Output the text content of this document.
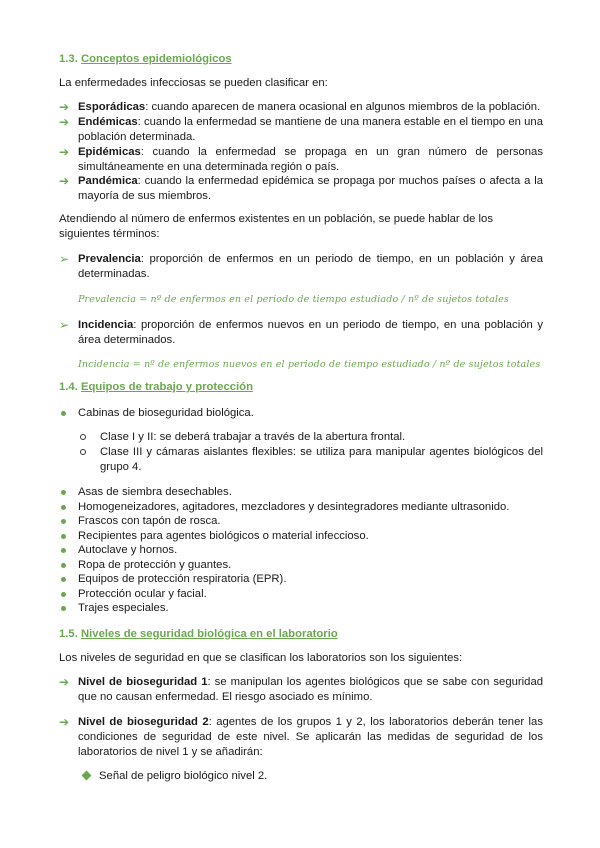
1.3. Conceptos epidemiológicos
La enfermedades infecciosas se pueden clasificar en:
➔ Esporádicas: cuando aparecen de manera ocasional en algunos miembros de la población.
➔ Endémicas: cuando la enfermedad se mantiene de una manera estable en el tiempo en una población determinada.
➔ Epidémicas: cuando la enfermedad se propaga en un gran número de personas simultáneamente en una determinada región o país.
➔ Pandémica: cuando la enfermedad epidémica se propaga por muchos países o afecta a la mayoría de sus miembros.
Atendiendo al número de enfermos existentes en un población, se puede hablar de los siguientes términos:
➢ Prevalencia: proporción de enfermos en un periodo de tiempo, en un población y área determinadas.
Prevalencia = nº de enfermos en el periodo de tiempo estudiado / nº de sujetos totales
➢ Incidencia: proporción de enfermos nuevos en un periodo de tiempo, en una población y área determinados.
Incidencia = nº de enfermos nuevos en el periodo de tiempo estudiado / nº de sujetos totales
1.4. Equipos de trabajo y protección
Cabinas de bioseguridad biológica.
Clase I y II: se deberá trabajar a través de la abertura frontal.
Clase III y cámaras aislantes flexibles: se utiliza para manipular agentes biológicos del grupo 4.
Asas de siembra desechables.
Homogeneizadores, agitadores, mezcladores y desintegradores mediante ultrasonido.
Frascos con tapón de rosca.
Recipientes para agentes biológicos o material infeccioso.
Autoclave y hornos.
Ropa de protección y guantes.
Equipos de protección respiratoria (EPR).
Protección ocular y facial.
Trajes especiales.
1.5. Niveles de seguridad biológica en el laboratorio
Los niveles de seguridad en que se clasifican los laboratorios son los siguientes:
➔ Nivel de bioseguridad 1: se manipulan los agentes biológicos que se sabe con seguridad que no causan enfermedad. El riesgo asociado es mínimo.
➔ Nivel de bioseguridad 2: agentes de los grupos 1 y 2, los laboratorios deberán tener las condiciones de seguridad de este nivel. Se aplicarán las medidas de seguridad de los laboratorios de nivel 1 y se añadirán:
Señal de peligro biológico nivel 2.
